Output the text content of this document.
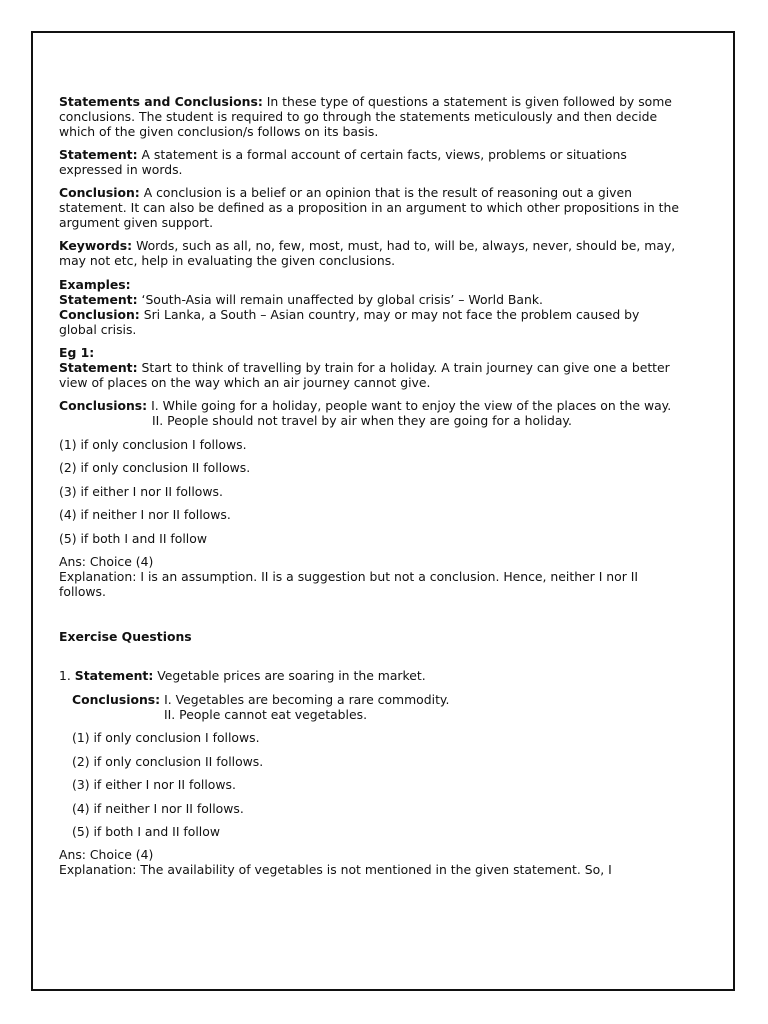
Statements and Conclusions: In these type of questions a statement is given followed by some conclusions. The student is required to go through the statements meticulously and then decide which of the given conclusion/s follows on its basis.

Statement: A statement is a formal account of certain facts, views, problems or situations expressed in words.

Conclusion: A conclusion is a belief or an opinion that is the result of reasoning out a given statement. It can also be defined as a proposition in an argument to which other propositions in the argument given support.

Keywords: Words, such as all, no, few, most, must, had to, will be, always, never, should be, may, may not etc, help in evaluating the given conclusions.

Examples:

Statement: ‘South-Asia will remain unaffected by global crisis’ – World Bank.

Conclusion: Sri Lanka, a South – Asian country, may or may not face the problem caused by global crisis.

Eg 1:

Statement: Start to think of travelling by train for a holiday. A train journey can give one a better view of places on the way which an air journey cannot give.

Conclusions: I. While going for a holiday, people want to enjoy the view of the places on the way.

II. People should not travel by air when they are going for a holiday.

(1) if only conclusion I follows.

(2) if only conclusion II follows.

(3) if either I nor II follows.

(4) if neither I nor II follows.

(5) if both I and II follow

Ans: Choice (4)

Explanation: I is an assumption. II is a suggestion but not a conclusion. Hence, neither I nor II follows.

Exercise Questions

1. Statement: Vegetable prices are soaring in the market.

Conclusions: I. Vegetables are becoming a rare commodity.

II. People cannot eat vegetables.

(1) if only conclusion I follows.

(2) if only conclusion II follows.

(3) if either I nor II follows.

(4) if neither I nor II follows.

(5) if both I and II follow

Ans: Choice (4)

Explanation: The availability of vegetables is not mentioned in the given statement. So, I
